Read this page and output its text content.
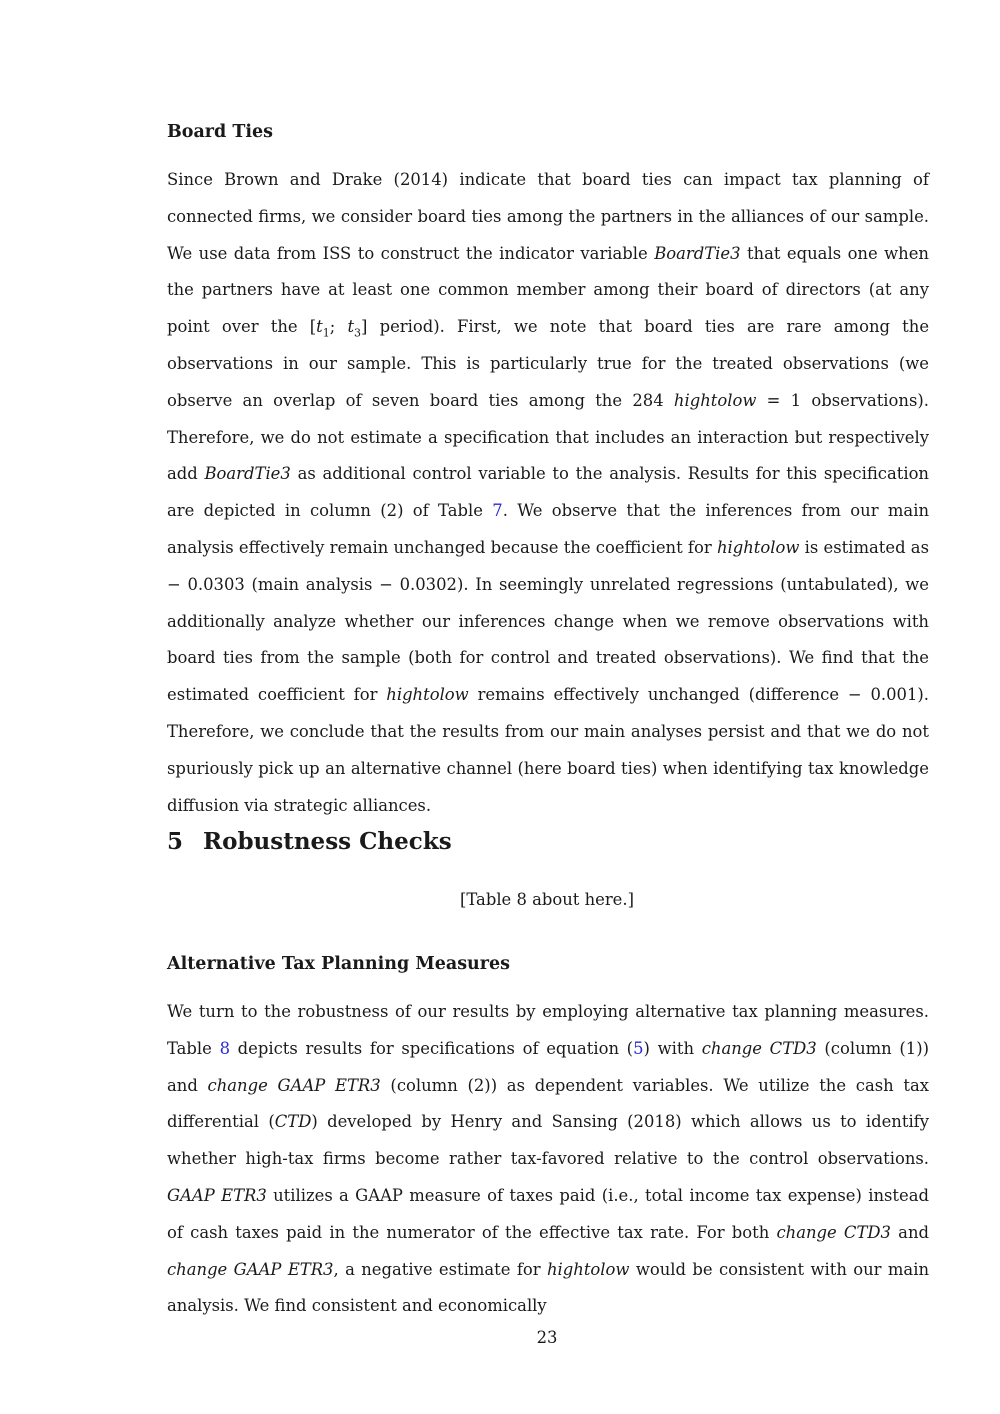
Board Ties

Since Brown and Drake (2014) indicate that board ties can impact tax planning of connected firms, we consider board ties among the partners in the alliances of our sample. We use data from ISS to construct the indicator variable BoardTie3 that equals one when the partners have at least one common member among their board of directors (at any point over the [$t_1$; $t_3$] period). First, we note that board ties are rare among the observations in our sample. This is particularly true for the treated observations (we observe an overlap of seven board ties among the 284 hightolow = 1 observations). Therefore, we do not estimate a specification that includes an interaction but respectively add BoardTie3 as additional control variable to the analysis. Results for this specification are depicted in column (2) of Table 7. We observe that the inferences from our main analysis effectively remain unchanged because the coefficient for hightolow is estimated as − 0.0303 (main analysis − 0.0302). In seemingly unrelated regressions (untabulated), we additionally analyze whether our inferences change when we remove observations with board ties from the sample (both for control and treated observations). We find that the estimated coefficient for hightolow remains effectively unchanged (difference − 0.001). Therefore, we conclude that the results from our main analyses persist and that we do not spuriously pick up an alternative channel (here board ties) when identifying tax knowledge diffusion via strategic alliances.

5 Robustness Checks
[Table 8 about here.]
Alternative Tax Planning Measures

We turn to the robustness of our results by employing alternative tax planning measures. Table 8 depicts results for specifications of equation (5) with change CTD3 (column (1)) and change GAAP ETR3 (column (2)) as dependent variables. We utilize the cash tax differential (CTD) developed by Henry and Sansing (2018) which allows us to identify whether high-tax firms become rather tax-favored relative to the control observations. GAAP ETR3 utilizes a GAAP measure of taxes paid (i.e., total income tax expense) instead of cash taxes paid in the numerator of the effective tax rate. For both change CTD3 and change GAAP ETR3, a negative estimate for hightolow would be consistent with our main analysis. We find consistent and economically

23
